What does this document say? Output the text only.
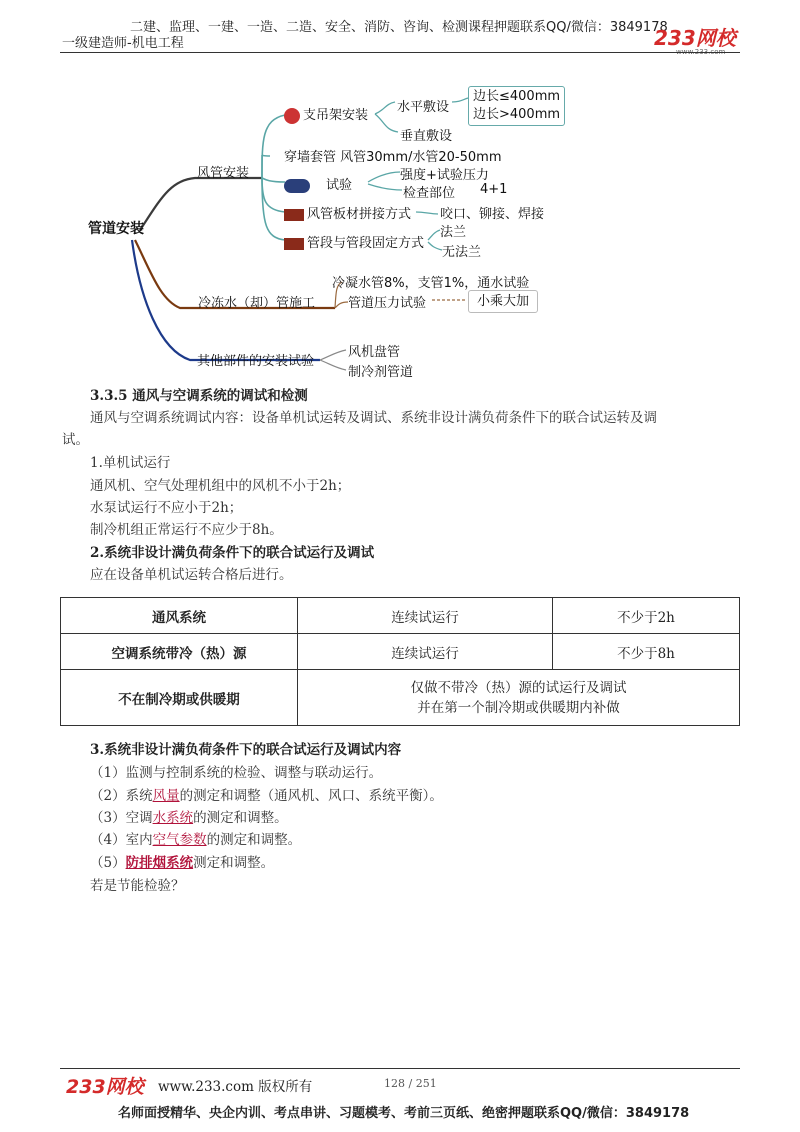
二建、监理、一建、一造、二造、安全、消防、咨询、检测课程押题联系QQ/微信：3849178
一级建造师-机电工程	233网校
www.233.com
管道安装
风管安装
支吊架安装
水平敷设
边长≤400mm
边长>400mm
垂直敷设
穿墙套管 风管30mm/水管20-50mm
试验
强度+试验压力
检查部位 4+1
风管板材拼接方式 咬口、铆接、焊接
管段与管段固定方式
法兰
无法兰
冷冻水（却）管施工
冷凝水管8%，支管1%，通水试验
管道压力试验	小乘大加
其他部件的安装试验
风机盘管
制冷剂管道
3.3.5 通风与空调系统的调试和检测
通风与空调系统调试内容：设备单机试运转及调试、系统非设计满负荷条件下的联合试运转及调
试。
1.单机试运行
通风机、空气处理机组中的风机不小于2h；
水泵试运行不应小于2h；
制冷机组正常运行不应少于8h。
2.系统非设计满负荷条件下的联合试运行及调试
应在设备单机试运转合格后进行。
通风系统	连续试运行	不少于2h
空调系统带冷（热）源	连续试运行	不少于8h
不在制冷期或供暖期	仅做不带冷（热）源的试运行及调试
并在第一个制冷期或供暖期内补做	
3.系统非设计满负荷条件下的联合试运行及调试内容
（1）监测与控制系统的检验、调整与联动运行。
（2）系统风量的测定和调整（通风机、风口、系统平衡）。
（3）空调水系统的测定和调整。
（4）室内空气参数的测定和调整。
（5）防排烟系统测定和调整。
若是节能检验？
233网校 www.233.com 版权所有	128 / 251
名师面授精华、央企内训、考点串讲、习题模考、考前三页纸、绝密押题联系QQ/微信：3849178
